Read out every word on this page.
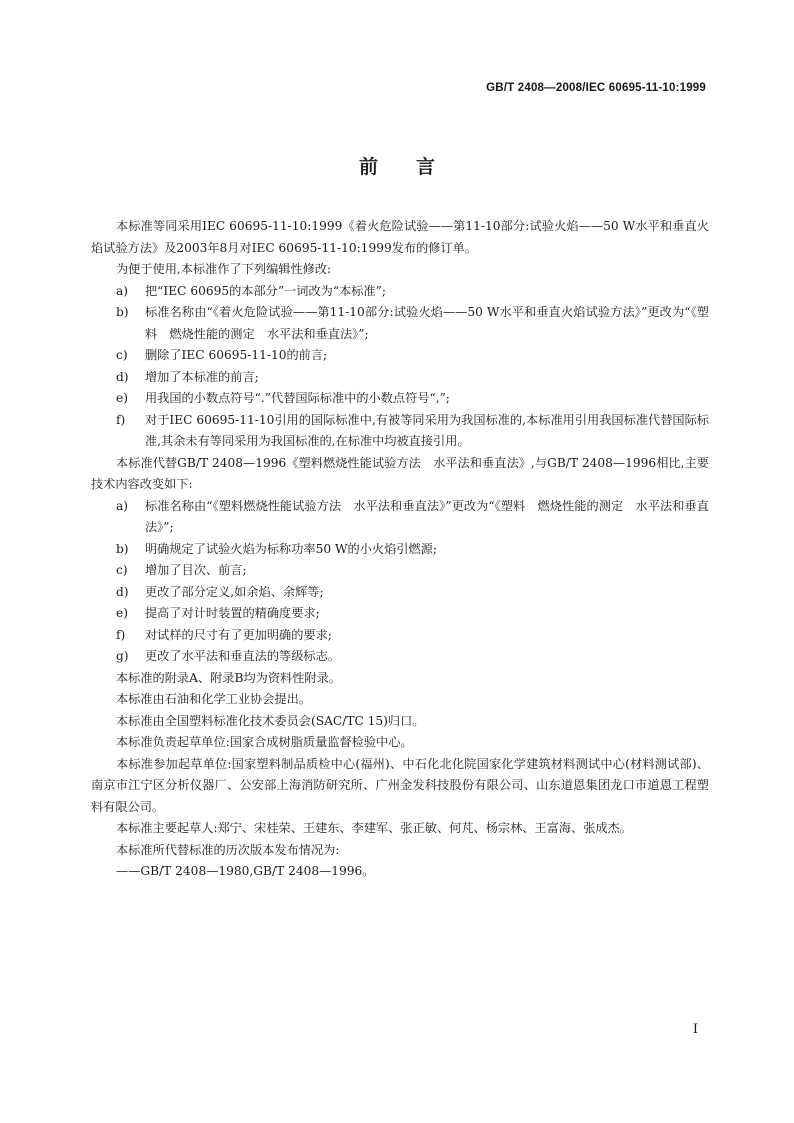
GB/T 2408—2008/IEC 60695-11-10:1999
前言

本标准等同采用IEC 60695-11-10:1999《着火危险试验——第11-10部分:试验火焰——50 W水平和垂直火焰试验方法》及2003年8月对IEC 60695-11-10:1999发布的修订单。

为便于使用,本标准作了下列编辑性修改:

a) 把“IEC 60695的本部分”一词改为“本标准”;

b) 标准名称由“《着火危险试验——第11-10部分:试验火焰——50 W水平和垂直火焰试验方法》”更改为“《塑料　燃烧性能的测定　水平法和垂直法》”;

c) 删除了IEC 60695-11-10的前言;

d) 增加了本标准的前言;

e) 用我国的小数点符号“.”代替国际标准中的小数点符号“,”;

f) 对于IEC 60695-11-10引用的国际标准中,有被等同采用为我国标准的,本标准用引用我国标准代替国际标准,其余未有等同采用为我国标准的,在标准中均被直接引用。

本标准代替GB/T 2408—1996《塑料燃烧性能试验方法　水平法和垂直法》,与GB/T 2408—1996相比,主要技术内容改变如下:

a) 标准名称由“《塑料燃烧性能试验方法　水平法和垂直法》”更改为“《塑料　燃烧性能的测定　水平法和垂直法》”;

b) 明确规定了试验火焰为标称功率50 W的小火焰引燃源;

c) 增加了目次、前言;

d) 更改了部分定义,如余焰、余辉等;

e) 提高了对计时装置的精确度要求;

f) 对试样的尺寸有了更加明确的要求;

g) 更改了水平法和垂直法的等级标志。

本标准的附录A、附录B均为资料性附录。

本标准由石油和化学工业协会提出。

本标准由全国塑料标准化技术委员会(SAC/TC 15)归口。

本标准负责起草单位:国家合成树脂质量监督检验中心。

本标准参加起草单位:国家塑料制品质检中心(福州)、中石化北化院国家化学建筑材料测试中心(材料测试部)、南京市江宁区分析仪器厂、公安部上海消防研究所、广州金发科技股份有限公司、山东道恩集团龙口市道恩工程塑料有限公司。

本标准主要起草人:郑宁、宋桂荣、王建东、李建军、张正敏、何芃、杨宗林、王富海、张成杰。

本标准所代替标准的历次版本发布情况为:

——GB/T 2408—1980,GB/T 2408—1996。

I
